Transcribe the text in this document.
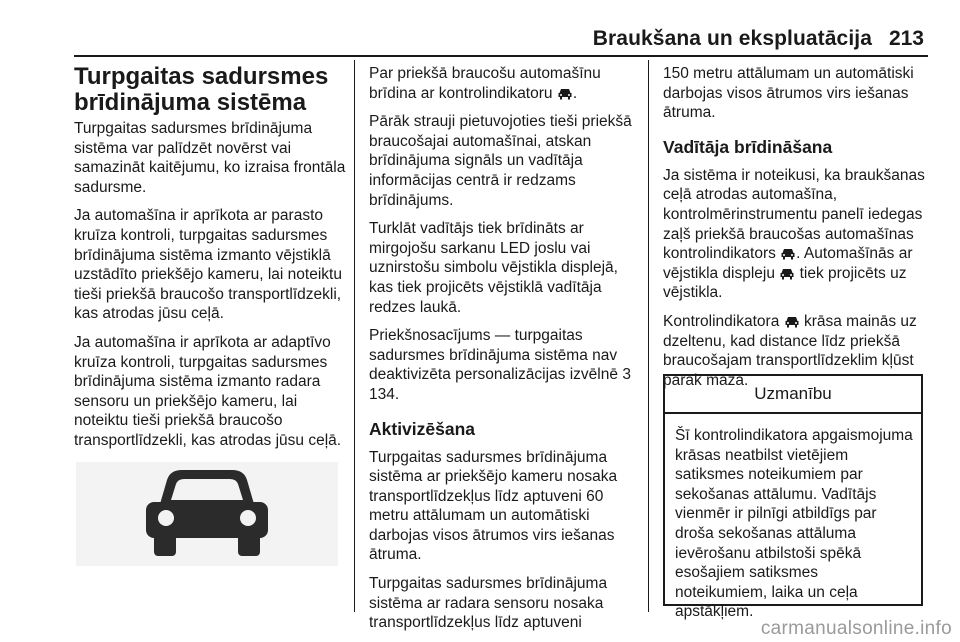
Braukšana un ekspluatācija 213
Turpgaitas sadursmes brīdinājuma sistēma

Turpgaitas sadursmes brīdinājuma sistēma var palīdzēt novērst vai samazināt kaitējumu, ko izraisa frontāla sadursme.

Ja automašīna ir aprīkota ar parasto kruīza kontroli, turpgaitas sadursmes brīdinājuma sistēma izmanto vējstiklā uzstādīto priekšējo kameru, lai noteiktu tieši priekšā braucošo transportlīdzekli, kas atrodas jūsu ceļā.

Ja automašīna ir aprīkota ar adaptīvo kruīza kontroli, turpgaitas sadursmes brīdinājuma sistēma izmanto radara sensoru un priekšējo kameru, lai noteiktu tieši priekšā braucošo transportlīdzekli, kas atrodas jūsu ceļā.

Par priekšā braucošu automašīnu brīdina ar kontrolindikatoru .

Pārāk strauji pietuvojoties tieši priekšā braucošajai automašīnai, atskan brīdinājuma signāls un vadītāja informācijas centrā ir redzams brīdinājums.

Turklāt vadītājs tiek brīdināts ar mirgojošu sarkanu LED joslu vai uznirstošu simbolu vējstikla displejā, kas tiek projicēts vējstiklā vadītāja redzes laukā.

Priekšnosacījums — turpgaitas sadursmes brīdinājuma sistēma nav deaktivizēta personalizācijas izvēlnē 3 134.

Aktivizēšana

Turpgaitas sadursmes brīdinājuma sistēma ar priekšējo kameru nosaka transportlīdzekļus līdz aptuveni 60 metru attālumam un automātiski darbojas visos ātrumos virs iešanas ātruma.

Turpgaitas sadursmes brīdinājuma sistēma ar radara sensoru nosaka transportlīdzekļus līdz aptuveni

150 metru attālumam un automātiski darbojas visos ātrumos virs iešanas ātruma.

Vadītāja brīdināšana

Ja sistēma ir noteikusi, ka braukšanas ceļā atrodas automašīna, kontrolmērinstrumentu panelī iedegas zaļš priekšā braucošas automašīnas kontrolindikators . Automašīnās ar vējstikla displeju  tiek projicēts uz vējstikla.

Kontrolindikatora  krāsa mainās uz dzeltenu, kad distance līdz priekšā braucošajam transportlīdzeklim kļūst pārāk maza.

Uzmanību
Šī kontrolindikatora apgaismojuma krāsas neatbilst vietējiem satiksmes noteikumiem par sekošanas attālumu. Vadītājs vienmēr ir pilnīgi atbildīgs par droša sekošanas attāluma ievērošanu atbilstoši spēkā esošajiem satiksmes noteikumiem, laika un ceļa apstākļiem.
carmanualsonline.info
